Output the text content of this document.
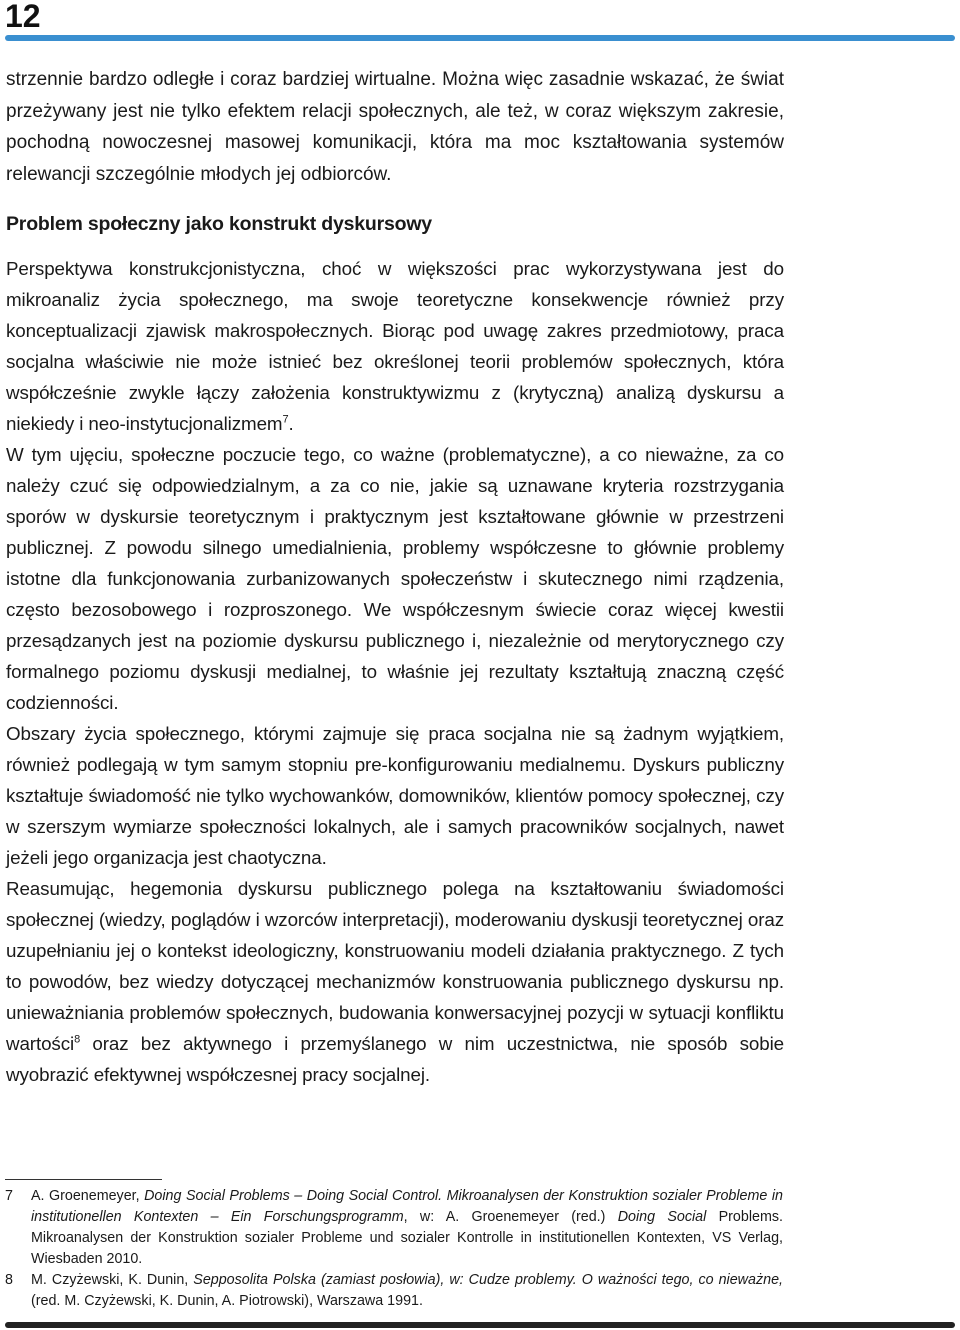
12

strzennie bardzo odległe i coraz bardziej wirtualne. Można więc zasadnie wskazać, że świat przeżywany jest nie tylko efektem relacji społecznych, ale też, w coraz większym zakresie, pochodną nowoczesnej masowej komunikacji, która ma moc kształtowania systemów relewancji szczególnie młodych jej odbiorców.

Problem społeczny jako konstrukt dyskursowy

Perspektywa konstrukcjonistyczna, choć w większości prac wykorzystywana jest do mikroanaliz życia społecznego, ma swoje teoretyczne konsekwencje również przy konceptualizacji zjawisk makrospołecznych. Biorąc pod uwagę zakres przedmiotowy, praca socjalna właściwie nie może istnieć bez określonej teorii problemów społecznych, która współcześnie zwykle łączy założenia konstruktywizmu z (krytyczną) analizą dyskursu a niekiedy i neo-instytucjonalizmem$^7$.

W tym ujęciu, społeczne poczucie tego, co ważne (problematyczne), a co nieważne, za co należy czuć się odpowiedzialnym, a za co nie, jakie są uznawane kryteria rozstrzygania sporów w dyskursie teoretycznym i praktycznym jest kształtowane głównie w przestrzeni publicznej. Z powodu silnego umedialnienia, problemy współczesne to głównie problemy istotne dla funkcjonowania zurbanizowanych społeczeństw i skutecznego nimi rządzenia, często bezosobowego i rozproszonego. We współczesnym świecie coraz więcej kwestii przesądzanych jest na poziomie dyskursu publicznego i, niezależnie od merytorycznego czy formalnego poziomu dyskusji medialnej, to właśnie jej rezultaty kształtują znaczną część codzienności.

Obszary życia społecznego, którymi zajmuje się praca socjalna nie są żadnym wyjątkiem, również podlegają w tym samym stopniu pre-konfigurowaniu medialnemu. Dyskurs publiczny kształtuje świadomość nie tylko wychowanków, domowników, klientów pomocy społecznej, czy w szerszym wymiarze społeczności lokalnych, ale i samych pracowników socjalnych, nawet jeżeli jego organizacja jest chaotyczna.

Reasumując, hegemonia dyskursu publicznego polega na kształtowaniu świadomości społecznej (wiedzy, poglądów i wzorców interpretacji), moderowaniu dyskusji teoretycznej oraz uzupełnianiu jej o kontekst ideologiczny, konstruowaniu modeli działania praktycznego. Z tych to powodów, bez wiedzy dotyczącej mechanizmów konstruowania publicznego dyskursu np. unieważniania problemów społecznych, budowania konwersacyjnej pozycji w sytuacji konfliktu wartości$^8$ oraz bez aktywnego i przemyślanego w nim uczestnictwa, nie sposób sobie wyobrazić efektywnej współczesnej pracy socjalnej.

7	A. Groenemeyer, Doing Social Problems – Doing Social Control. Mikroanalysen der Konstruktion sozialer Probleme in institutionellen Kontexten – Ein Forschungsprogramm, w: A. Groenemeyer (red.) Doing Social Problems. Mikroanalysen der Konstruktion sozialer Probleme und sozialer Kontrolle in institutionellen Kontexten, VS Verlag, Wiesbaden 2010.
8	M. Czyżewski, K. Dunin, Sepposolita Polska (zamiast posłowia), w: Cudze problemy. O ważności tego, co nieważne, (red. M. Czyżewski, K. Dunin, A. Piotrowski), Warszawa 1991.
